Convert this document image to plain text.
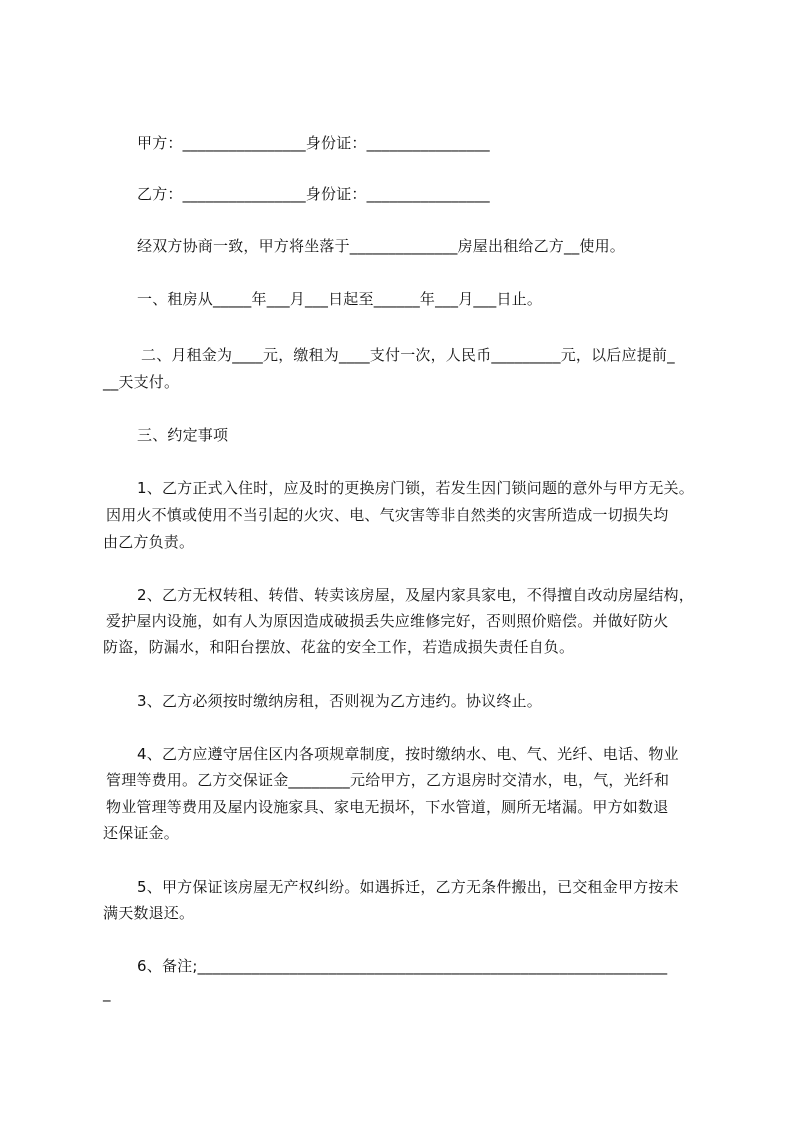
甲方：________________身份证：________________
乙方：________________身份证：________________
经双方协商一致，甲方将坐落于______________房屋出租给乙方__使用。
一、租房从_____年___月___日起至______年___月___日止。
二、月租金为____元，缴租为____支付一次，人民币_________元，以后应提前_
__天支付。
三、约定事项
1、乙方正式入住时，应及时的更换房门锁，若发生因门锁问题的意外与甲方无关。
因用火不慎或使用不当引起的火灾、电、气灾害等非自然类的灾害所造成一切损失均
由乙方负责。
2、乙方无权转租、转借、转卖该房屋，及屋内家具家电，不得擅自改动房屋结构，
爱护屋内设施，如有人为原因造成破损丢失应维修完好，否则照价赔偿。并做好防火
防盗，防漏水，和阳台摆放、花盆的安全工作，若造成损失责任自负。
3、乙方必须按时缴纳房租，否则视为乙方违约。协议终止。
4、乙方应遵守居住区内各项规章制度，按时缴纳水、电、气、光纤、电话、物业
管理等费用。乙方交保证金________元给甲方，乙方退房时交清水，电，气，光纤和
物业管理等费用及屋内设施家具、家电无损坏，下水管道，厕所无堵漏。甲方如数退
还保证金。
5、甲方保证该房屋无产权纠纷。如遇拆迁，乙方无条件搬出，已交租金甲方按未
满天数退还。
6、备注;_____________________________________________________________
_
